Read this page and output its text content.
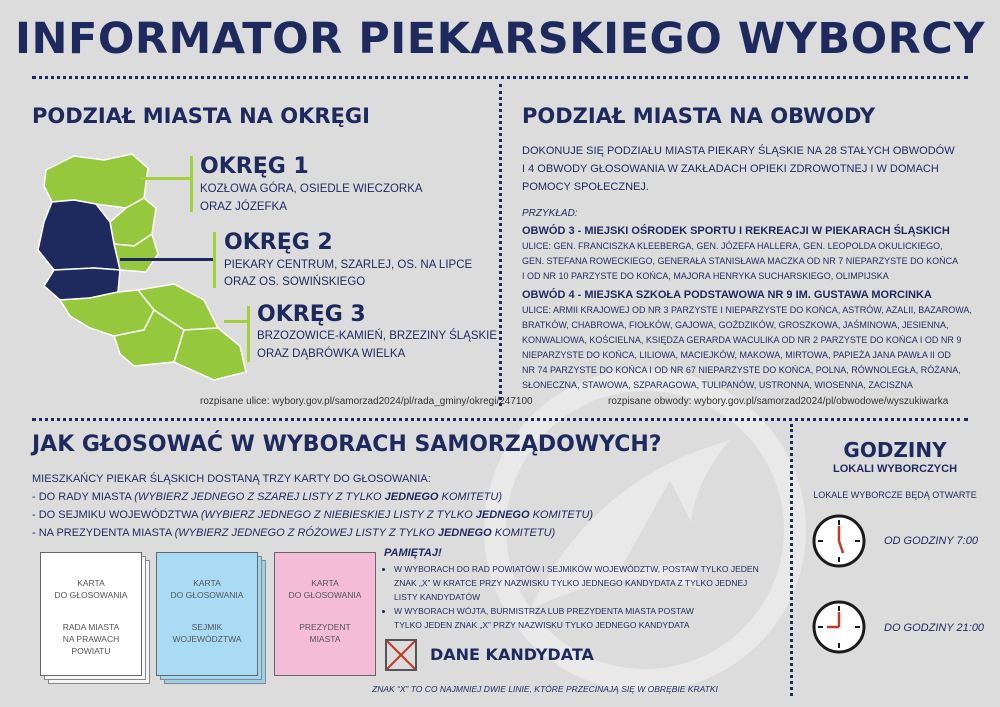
INFORMATOR PIEKARSKIEGO WYBORCY
PODZIAŁ MIASTA NA OKRĘGI
OKRĘG 1
KOZŁOWA GÓRA, OSIEDLE WIECZORKA
ORAZ JÓZEFKA
OKRĘG 2
PIEKARY CENTRUM, SZARLEJ, OS. NA LIPCE
ORAZ OS. SOWIŃSKIEGO
OKRĘG 3
BRZOZOWICE-KAMIEŃ, BRZEZINY ŚLĄSKIE
ORAZ DĄBRÓWKA WIELKA
rozpisane ulice: wybory.gov.pl/samorzad2024/pl/rada_gminy/okregi/247100
PODZIAŁ MIASTA NA OBWODY
DOKONUJE SIĘ PODZIAŁU MIASTA PIEKARY ŚLĄSKIE NA 28 STAŁYCH OBWODÓW
I 4 OBWODY GŁOSOWANIA W ZAKŁADACH OPIEKI ZDROWOTNEJ I W DOMACH
POMOCY SPOŁECZNEJ.
PRZYKŁAD:
OBWÓD 3 - MIEJSKI OŚRODEK SPORTU I REKREACJI W PIEKARACH ŚLĄSKICH
ULICE: GEN. FRANCISZKA KLEEBERGA, GEN. JÓZEFA HALLERA, GEN. LEOPOLDA OKULICKIEGO,
GEN. STEFANA ROWECKIEGO, GENERAŁA STANISŁAWA MACZKA OD NR 7 NIEPARZYSTE DO KOŃCA
I OD NR 10 PARZYSTE DO KOŃCA, MAJORA HENRYKA SUCHARSKIEGO, OLIMPIJSKA
OBWÓD 4 - MIEJSKA SZKOŁA PODSTAWOWA NR 9 IM. GUSTAWA MORCINKA
ULICE: ARMII KRAJOWEJ OD NR 3 PARZYSTE I NIEPARZYSTE DO KOŃCA, ASTRÓW, AZALII, BAZAROWA,
BRATKÓW, CHABROWA, FIOŁKÓW, GAJOWA, GOŹDZIKÓW, GROSZKOWA, JAŚMINOWA, JESIENNA,
KONWALIOWA, KOŚCIELNA, KSIĘDZA GERARDA WACULIKA OD NR 2 PARZYSTE DO KOŃCA I OD NR 9
NIEPARZYSTE DO KOŃCA, LILIOWA, MACIEJKÓW, MAKOWA, MIRTOWA, PAPIEŻA JANA PAWŁA II OD
NR 74 PARZYSTE DO KOŃCA I OD NR 67 NIEPARZYSTE DO KOŃCA, POLNA, RÓWNOLEGŁA, RÓŻANA,
SŁONECZNA, STAWOWA, SZPARAGOWA, TULIPANÓW, USTRONNA, WIOSENNA, ZACISZNA
rozpisane obwody: wybory.gov.pl/samorzad2024/pl/obwodowe/wyszukiwarka
JAK GŁOSOWAĆ W WYBORACH SAMORZĄDOWYCH?
MIESZKAŃCY PIEKAR ŚLĄSKICH DOSTANĄ TRZY KARTY DO GŁOSOWANIA:
- DO RADY MIASTA (WYBIERZ JEDNEGO Z SZAREJ LISTY Z TYLKO JEDNEGO KOMITETU)
- DO SEJMIKU WOJEWÓDZTWA (WYBIERZ JEDNEGO Z NIEBIESKIEJ LISTY Z TYLKO JEDNEGO KOMITETU)
- NA PREZYDENTA MIASTA (WYBIERZ JEDNEGO Z RÓŻOWEJ LISTY Z TYLKO JEDNEGO KOMITETU)
KARTA
DO GŁOSOWANIA
RADA MIASTA
NA PRAWACH
POWIATU
KARTA
DO GŁOSOWANIA
SEJMIK
WOJEWÓDZTWA
KARTA
DO GŁOSOWANIA
PREZYDENT
MIASTA
PAMIĘTAJ!
• W WYBORACH DO RAD POWIATÓW I SEJMIKÓW WOJEWÓDZTW, POSTAW TYLKO JEDEN
ZNAK „X” W KRATCE PRZY NAZWISKU TYLKO JEDNEGO KANDYDATA Z TYLKO JEDNEJ
LISTY KANDYDATÓW
• W WYBORACH WÓJTA, BURMISTRZA LUB PREZYDENTA MIASTA POSTAW
TYLKO JEDEN ZNAK „X” PRZY NAZWISKU TYLKO JEDNEGO KANDYDATA
DANE KANDYDATA
ZNAK “X” TO CO NAJMNIEJ DWIE LINIE, KTÓRE PRZECINAJĄ SIĘ W OBRĘBIE KRATKI
GODZINY
LOKALI WYBORCZYCH
LOKALE WYBORCZE BĘDĄ OTWARTE
OD GODZINY 7:00
DO GODZINY 21:00
